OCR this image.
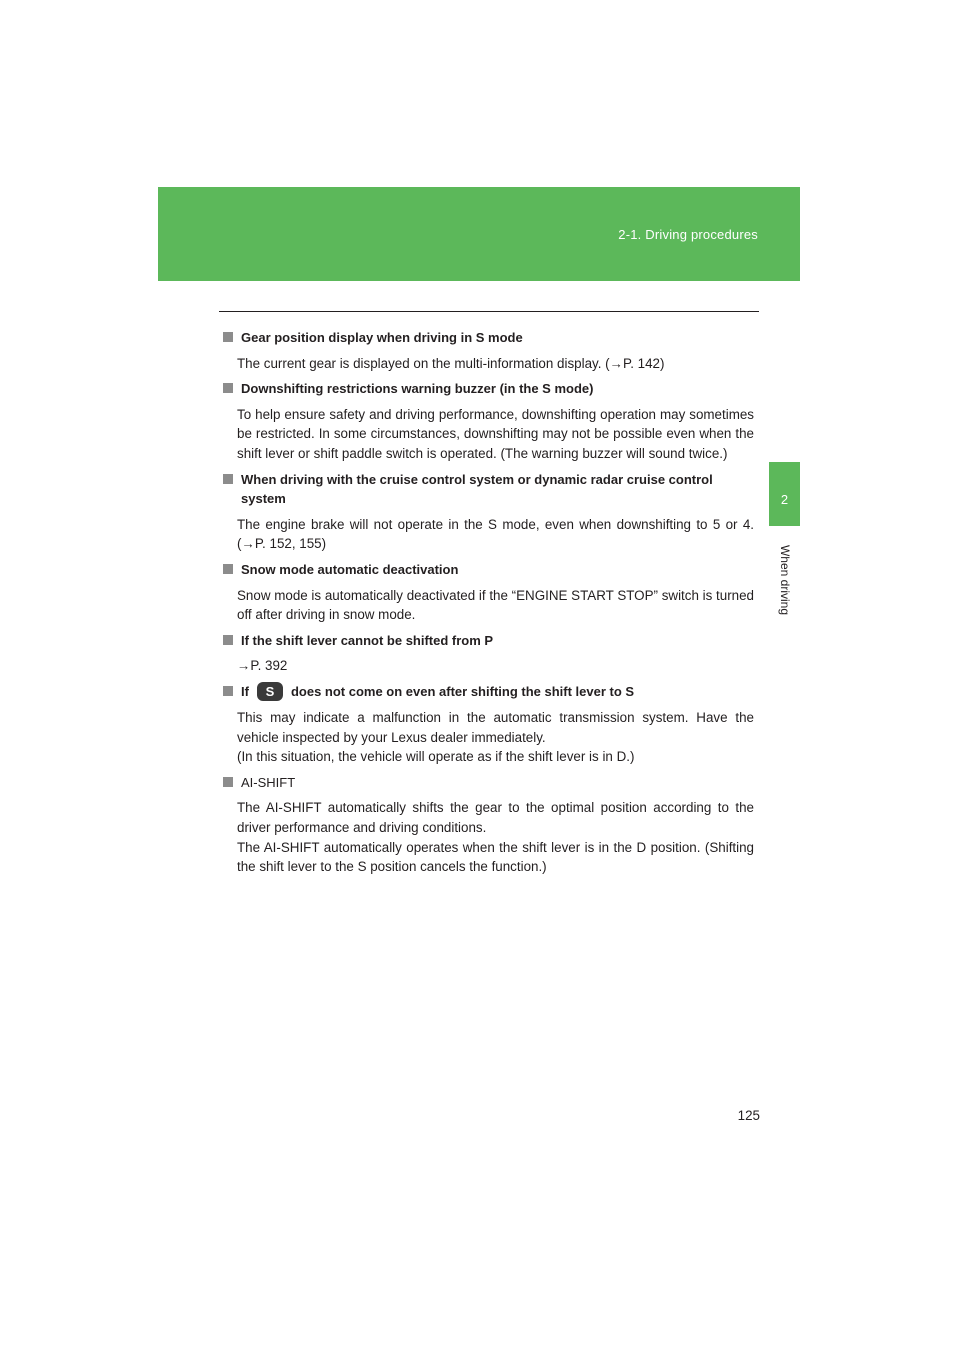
2-1. Driving procedures
2
When driving
Gear position display when driving in S mode

The current gear is displayed on the multi-information display. (→P. 142)

Downshifting restrictions warning buzzer (in the S mode)

To help ensure safety and driving performance, downshifting operation may sometimes be restricted. In some circumstances, downshifting may not be possible even when the shift lever or shift paddle switch is operated. (The warning buzzer will sound twice.)

When driving with the cruise control system or dynamic radar cruise control system

The engine brake will not operate in the S mode, even when downshifting to 5 or 4. (→P. 152, 155)

Snow mode automatic deactivation

Snow mode is automatically deactivated if the “ENGINE START STOP” switch is turned off after driving in snow mode.

If the shift lever cannot be shifted from P

→P. 392

If S does not come on even after shifting the shift lever to S

This may indicate a malfunction in the automatic transmission system. Have the vehicle inspected by your Lexus dealer immediately.

(In this situation, the vehicle will operate as if the shift lever is in D.)

AI-SHIFT

The AI-SHIFT automatically shifts the gear to the optimal position according to the driver performance and driving conditions.

The AI-SHIFT automatically operates when the shift lever is in the D position. (Shifting the shift lever to the S position cancels the function.)

125
